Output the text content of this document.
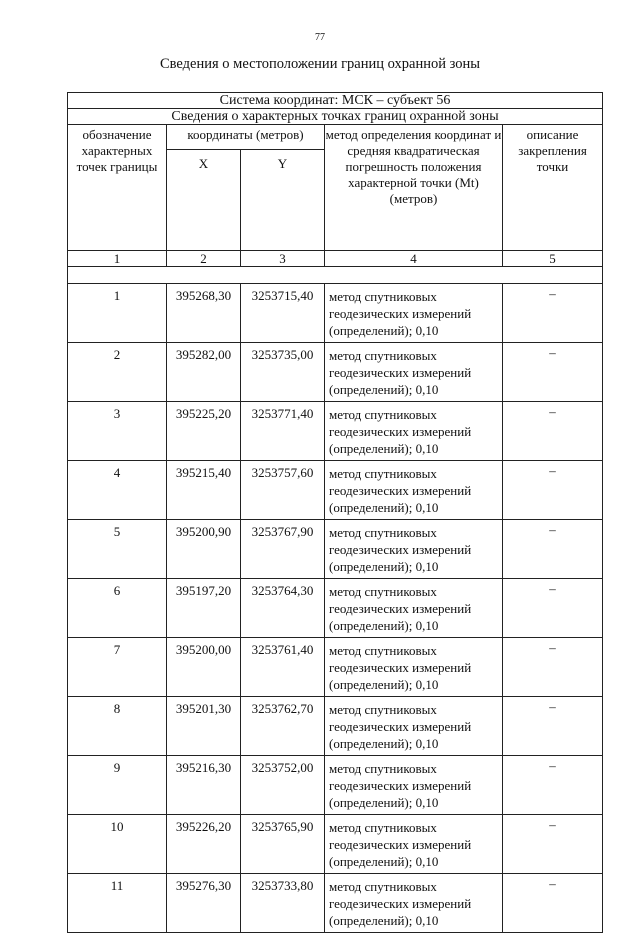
77
Сведения о местоположении границ охранной зоны
Система координат: МСК – субъект 56				
Сведения о характерных точках границ охранной зоны				
обозначение характерных точек границы	координаты (метров)		метод определения координат и средняя квадратическая погрешность положения характерной точки (Mt) (метров)	описание закрепления точки
	X	Y		
1	2	3	4	5

1	395268,30	3253715,40	метод спутниковых геодезических измерений (определений); 0,10	–
2	395282,00	3253735,00	метод спутниковых геодезических измерений (определений); 0,10	–
3	395225,20	3253771,40	метод спутниковых геодезических измерений (определений); 0,10	–
4	395215,40	3253757,60	метод спутниковых геодезических измерений (определений); 0,10	–
5	395200,90	3253767,90	метод спутниковых геодезических измерений (определений); 0,10	–
6	395197,20	3253764,30	метод спутниковых геодезических измерений (определений); 0,10	–
7	395200,00	3253761,40	метод спутниковых геодезических измерений (определений); 0,10	–
8	395201,30	3253762,70	метод спутниковых геодезических измерений (определений); 0,10	–
9	395216,30	3253752,00	метод спутниковых геодезических измерений (определений); 0,10	–
10	395226,20	3253765,90	метод спутниковых геодезических измерений (определений); 0,10	–
11	395276,30	3253733,80	метод спутниковых геодезических измерений (определений); 0,10	–
